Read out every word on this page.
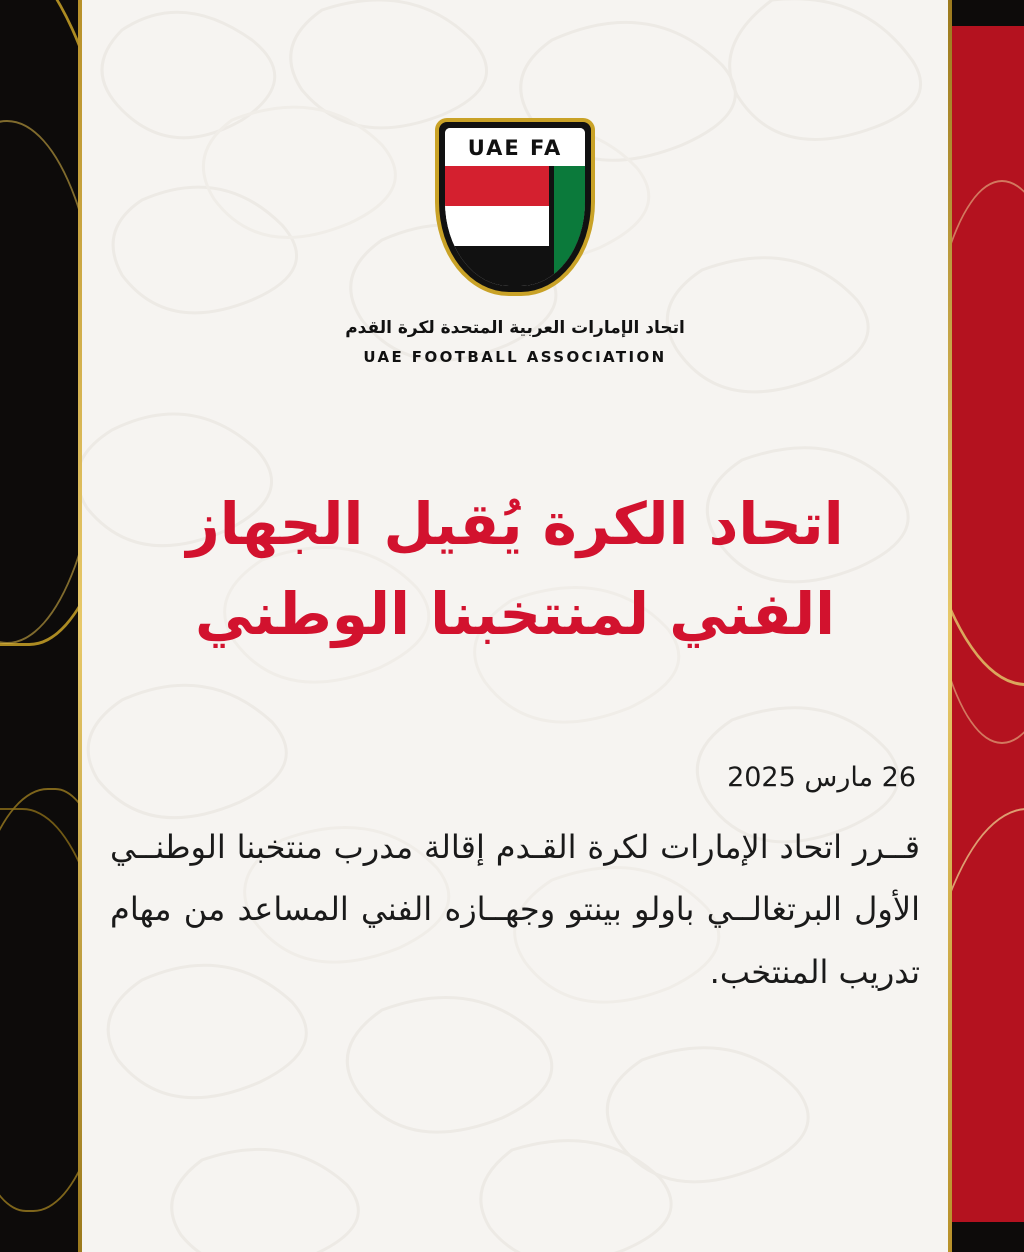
UAE FA
اتحاد الإمارات العربية المتحدة لكرة القدم
UAE FOOTBALL ASSOCIATION
اتحاد الكرة يُقيل الجهاز الفني لمنتخبنا الوطني
26 مارس 2025
قــرر اتحاد الإمارات لكرة القـدم إقالة مدرب منتخبنا الوطنــي الأول البرتغالــي باولو بينتو وجهــازه الفني المساعد من مهام تدريب المنتخب.
